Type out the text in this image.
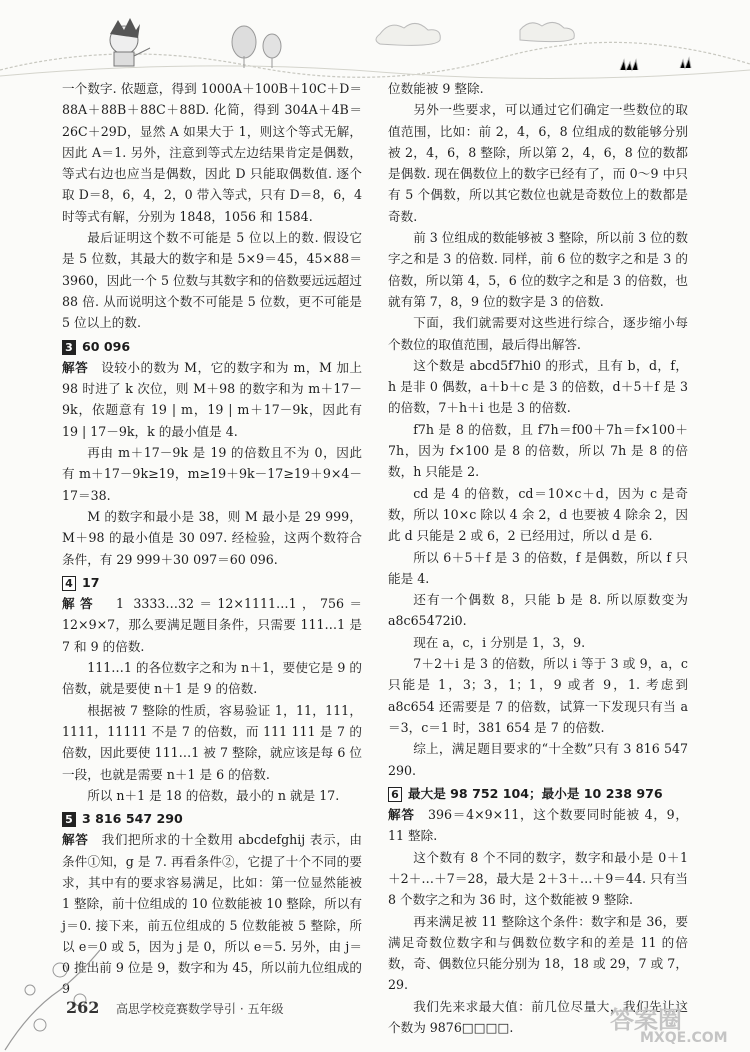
一个数字. 依题意，得到 1000A＋100B＋10C＋D＝88A＋88B＋88C＋88D. 化简，得到 304A＋4B＝26C＋29D，显然 A 如果大于 1，则这个等式无解，因此 A＝1. 另外，注意到等式左边结果肯定是偶数，等式右边也应当是偶数，因此 D 只能取偶数值. 逐个取 D＝8，6，4，2，0 带入等式，只有 D＝8，6，4 时等式有解，分别为 1848，1056 和 1584.

最后证明这个数不可能是 5 位以上的数. 假设它是 5 位数，其最大的数字和是 5×9＝45，45×88＝3960，因此一个 5 位数与其数字和的倍数要远远超过 88 倍. 从而说明这个数不可能是 5 位数，更不可能是 5 位以上的数.

3 60 096

解答　 设较小的数为 M，它的数字和为 m，M 加上 98 时进了 k 次位，则 M＋98 的数字和为 m＋17－9k，依题意有 19 | m，19 | m＋17－9k，因此有 19 | 17－9k，k 的最小值是 4.

再由 m＋17－9k 是 19 的倍数且不为 0，因此有 m＋17－9k≥19，m≥19＋9k－17≥19＋9×4－17＝38.

M 的数字和最小是 38，则 M 最小是 29 999，M＋98 的最小值是 30 097. 经检验，这两个数符合条件，有 29 999＋30 097＝60 096.

4 17

解答　 1 3333…32＝12×1111…1，756＝12×9×7，那么要满足题目条件，只需要 111…1 是 7 和 9 的倍数.

111…1 的各位数字之和为 n＋1，要使它是 9 的倍数，就是要使 n＋1 是 9 的倍数.

根据被 7 整除的性质，容易验证 1，11，111，1111，11111 不是 7 的倍数，而 111 111 是 7 的倍数，因此要使 111…1 被 7 整除，就应该是每 6 位一段，也就是需要 n＋1 是 6 的倍数.

所以 n＋1 是 18 的倍数，最小的 n 就是 17.

5 3 816 547 290

解答　 我们把所求的十全数用 abcdefghij 表示，由条件①知，g 是 7. 再看条件②，它提了十个不同的要求，其中有的要求容易满足，比如：第一位显然能被 1 整除，前十位组成的 10 位数能被 10 整除，所以有 j＝0. 接下来，前五位组成的 5 位数能被 5 整除，所以 e＝0 或 5，因为 j 是 0，所以 e＝5. 另外，由 j＝0 推出前 9 位是 9，数字和为 45，所以前九位组成的 9

位数能被 9 整除.

另外一些要求，可以通过它们确定一些数位的取值范围，比如：前 2，4，6，8 位组成的数能够分别被 2，4，6，8 整除，所以第 2，4，6，8 位的数都是偶数. 现在偶数位上的数字已经有了，而 0～9 中只有 5 个偶数，所以其它数位也就是奇数位上的数都是奇数.

前 3 位组成的数能够被 3 整除，所以前 3 位的数字之和是 3 的倍数. 同样，前 6 位的数字之和是 3 的倍数，所以第 4，5，6 位的数字之和是 3 的倍数，也就有第 7，8，9 位的数字是 3 的倍数.

下面，我们就需要对这些进行综合，逐步缩小每个数位的取值范围，最后得出解答.

这个数是 abcd5f7hi0 的形式，且有 b，d，f，h 是非 0 偶数，a＋b＋c 是 3 的倍数，d＋5＋f 是 3 的倍数，7＋h＋i 也是 3 的倍数.

f7h 是 8 的倍数，且 f7h＝f00＋7h＝f×100＋7h，因为 f×100 是 8 的倍数，所以 7h 是 8 的倍数，h 只能是 2.

cd 是 4 的倍数，cd＝10×c＋d，因为 c 是奇数，所以 10×c 除以 4 余 2，d 也要被 4 除余 2，因此 d 只能是 2 或 6，2 已经用过，所以 d 是 6.

所以 6＋5＋f 是 3 的倍数，f 是偶数，所以 f 只能是 4.

还有一个偶数 8，只能 b 是 8. 所以原数变为 a8c65472i0.

现在 a，c，i 分别是 1，3，9.

7＋2＋i 是 3 的倍数，所以 i 等于 3 或 9，a，c 只能是 1，3；3，1；1，9 或者 9，1. 考虑到 a8c654 还需要是 7 的倍数，试算一下发现只有当 a＝3，c＝1 时，381 654 是 7 的倍数.

综上，满足题目要求的“十全数”只有 3 816 547 290.

6 最大是 98 752 104；最小是 10 238 976

解答　 396＝4×9×11，这个数要同时能被 4，9，11 整除.

这个数有 8 个不同的数字，数字和最小是 0＋1＋2＋…＋7＝28，最大是 2＋3＋…＋9＝44. 只有当 8 个数字之和为 36 时，这个数能被 9 整除.

再来满足被 11 整除这个条件：数字和是 36，要满足奇数位数字和与偶数位数字和的差是 11 的倍数，奇、偶数位只能分别为 18，18 或 29，7 或 7，29.

我们先来求最大值：前几位尽量大，我们先让这个数为 9876□□□□.

262 高思学校竞赛数学导引 · 五年级	答案圈
MXQE.COM
